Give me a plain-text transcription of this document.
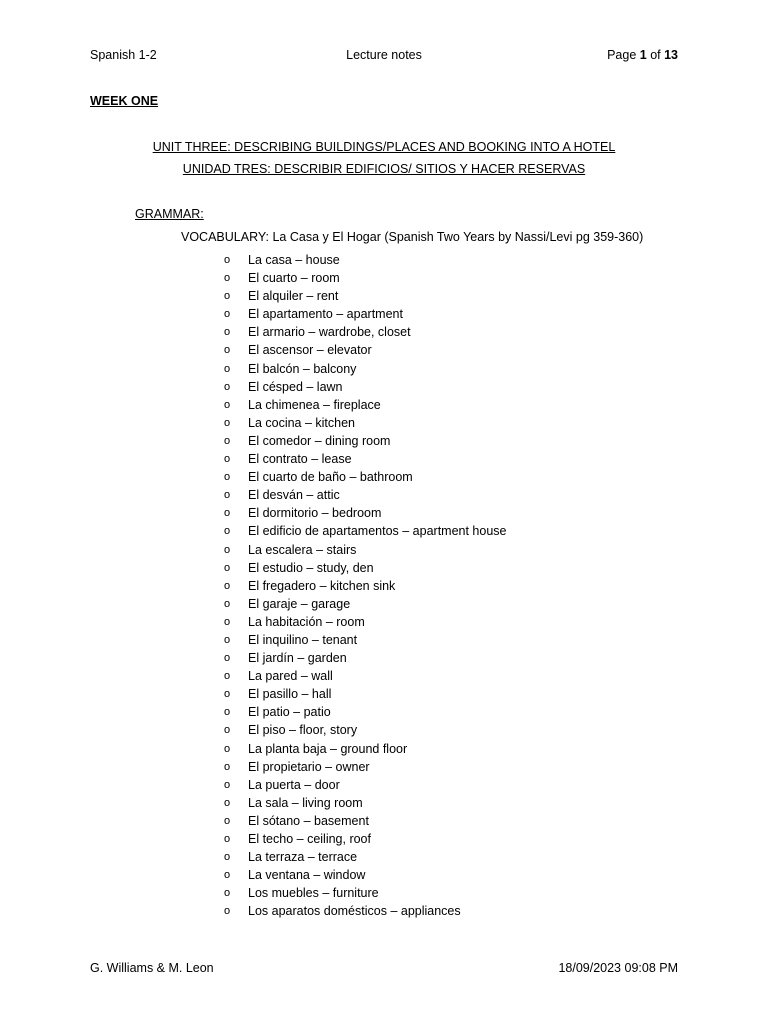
Spanish 1-2	Lecture notes	Page 1 of 13
WEEK ONE
UNIT THREE: DESCRIBING BUILDINGS/PLACES AND BOOKING INTO A HOTEL
UNIDAD TRES: DESCRIBIR EDIFICIOS/ SITIOS Y HACER RESERVAS
GRAMMAR:
VOCABULARY: La Casa y El Hogar (Spanish Two Years by Nassi/Levi pg 359-360)
o La casa – house
o El cuarto – room
o El alquiler – rent
o El apartamento – apartment
o El armario – wardrobe, closet
o El ascensor – elevator
o El balcón – balcony
o El césped – lawn
o La chimenea – fireplace
o La cocina – kitchen
o El comedor – dining room
o El contrato – lease
o El cuarto de baño – bathroom
o El desván – attic
o El dormitorio – bedroom
o El edificio de apartamentos – apartment house
o La escalera – stairs
o El estudio – study, den
o El fregadero – kitchen sink
o El garaje – garage
o La habitación – room
o El inquilino – tenant
o El jardín – garden
o La pared – wall
o El pasillo – hall
o El patio – patio
o El piso – floor, story
o La planta baja – ground floor
o El propietario – owner
o La puerta – door
o La sala – living room
o El sótano – basement
o El techo – ceiling, roof
o La terraza – terrace
o La ventana – window
o Los muebles – furniture
o Los aparatos domésticos – appliances
G. Williams & M. Leon	18/09/2023 09:08 PM
